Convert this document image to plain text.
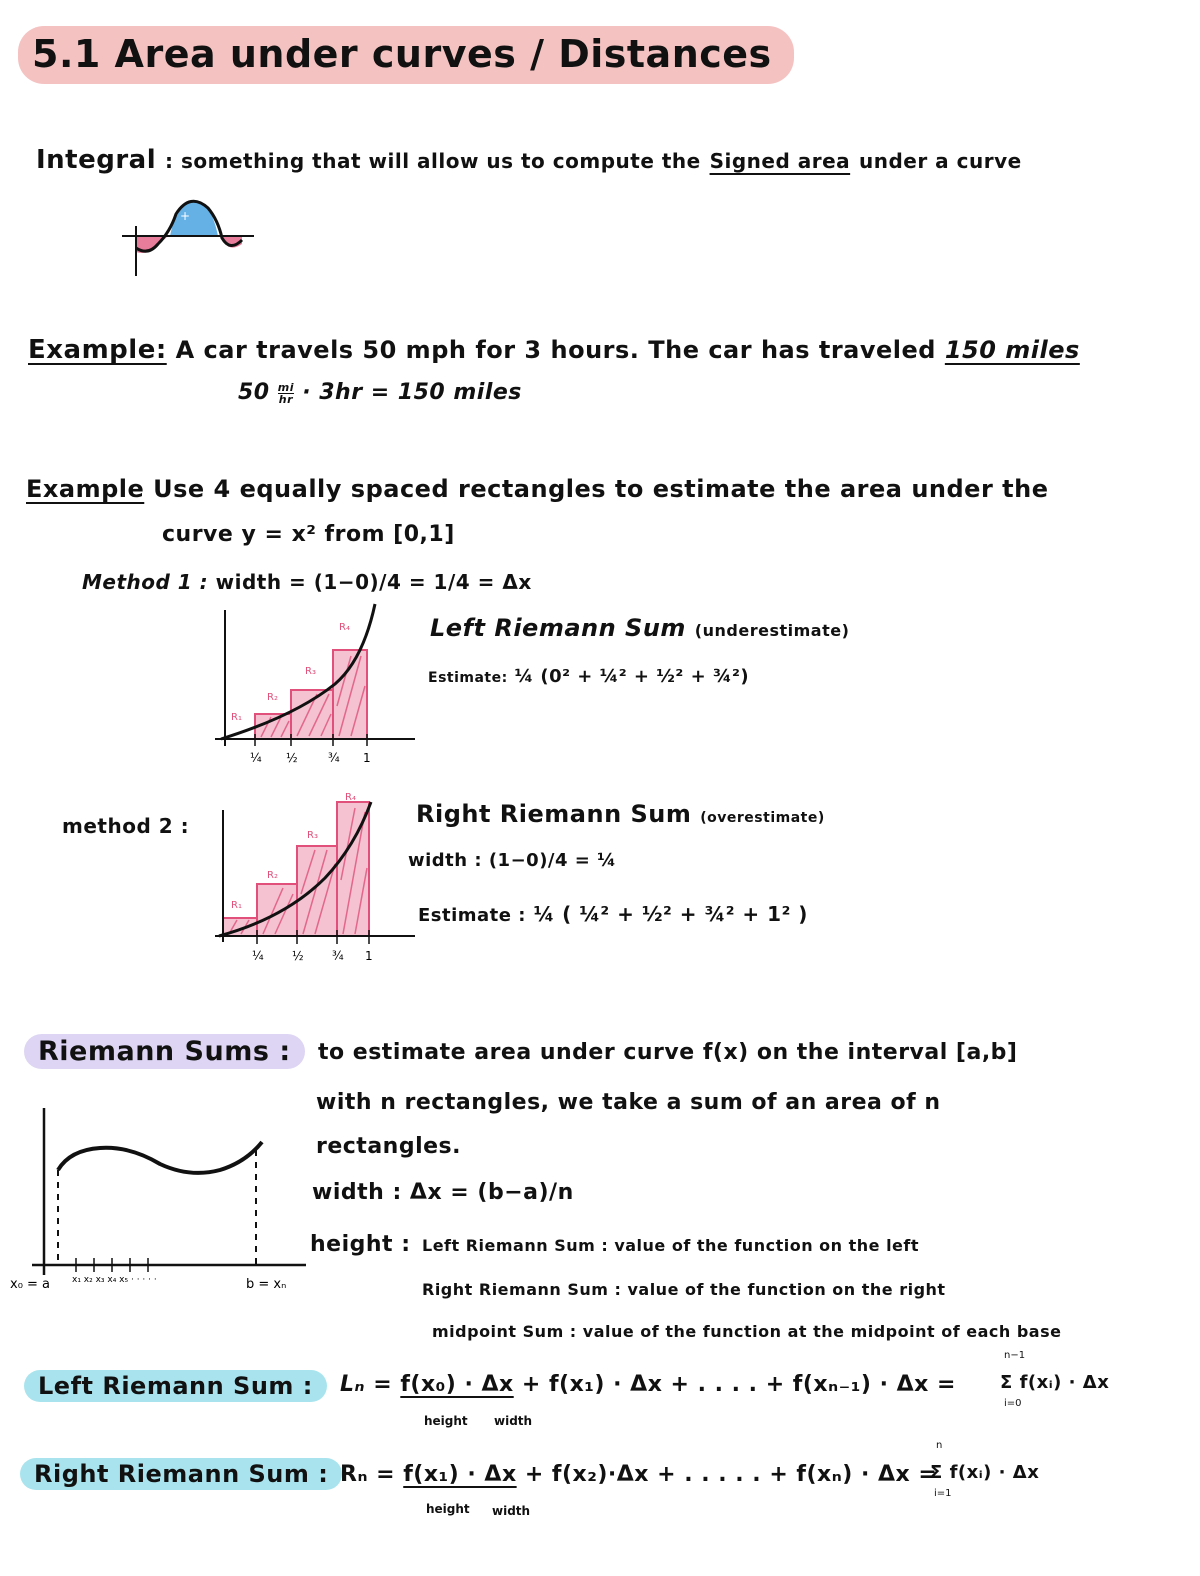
5.1 Area under curves / Distances
Integral : something that will allow us to compute the Signed area under a curve
+
Example: A car travels 50 mph for 3 hours. The car has traveled 150 miles
$50 \frac{mi}{hr} \cdot 3hr = 150$ miles
Example Use 4 equally spaced rectangles to estimate the area under the
curve y = x² from [0,1]
Method 1 : width = (1−0)/4 = 1/4 = Δx
R₁
R₂
R₃
R₄
¼ ½	¾ 1
Left Riemann Sum (underestimate)
Estimate: ¼ (0² + ¼² + ½² + ¾²)
method 2 :
R₁
R₂
R₃
R₄
¼ ½ ¾ 1
Right Riemann Sum (overestimate)
width : (1−0)/4 = ¼
Estimate : ¼ ( ¼² + ½² + ¾² + 1² )
Riemann Sums :	to estimate area under curve f(x) on the interval [a,b]
with n rectangles, we take a sum of an area of n
rectangles.
width : Δx = (b−a)/n
height : Left Riemann Sum : value of the function on the left
Right Riemann Sum : value of the function on the right
midpoint Sum : value of the function at the midpoint of each base
x₀ = a x₁ x₂ x₃ x₄ x₅ · · · · ·	b = xₙ
Left Riemann Sum :	Lₙ = f(x₀) · Δx + f(x₁) · Δx + . . . . + f(xₙ₋₁) · Δx =
height width
n−1
Σ f(xᵢ) · Δx
i=0
Right Riemann Sum : Rₙ = f(x₁) · Δx + f(x₂)·Δx + . . . . . + f(xₙ) · Δx =
height width
n
Σ f(xᵢ) · Δx
i=1
